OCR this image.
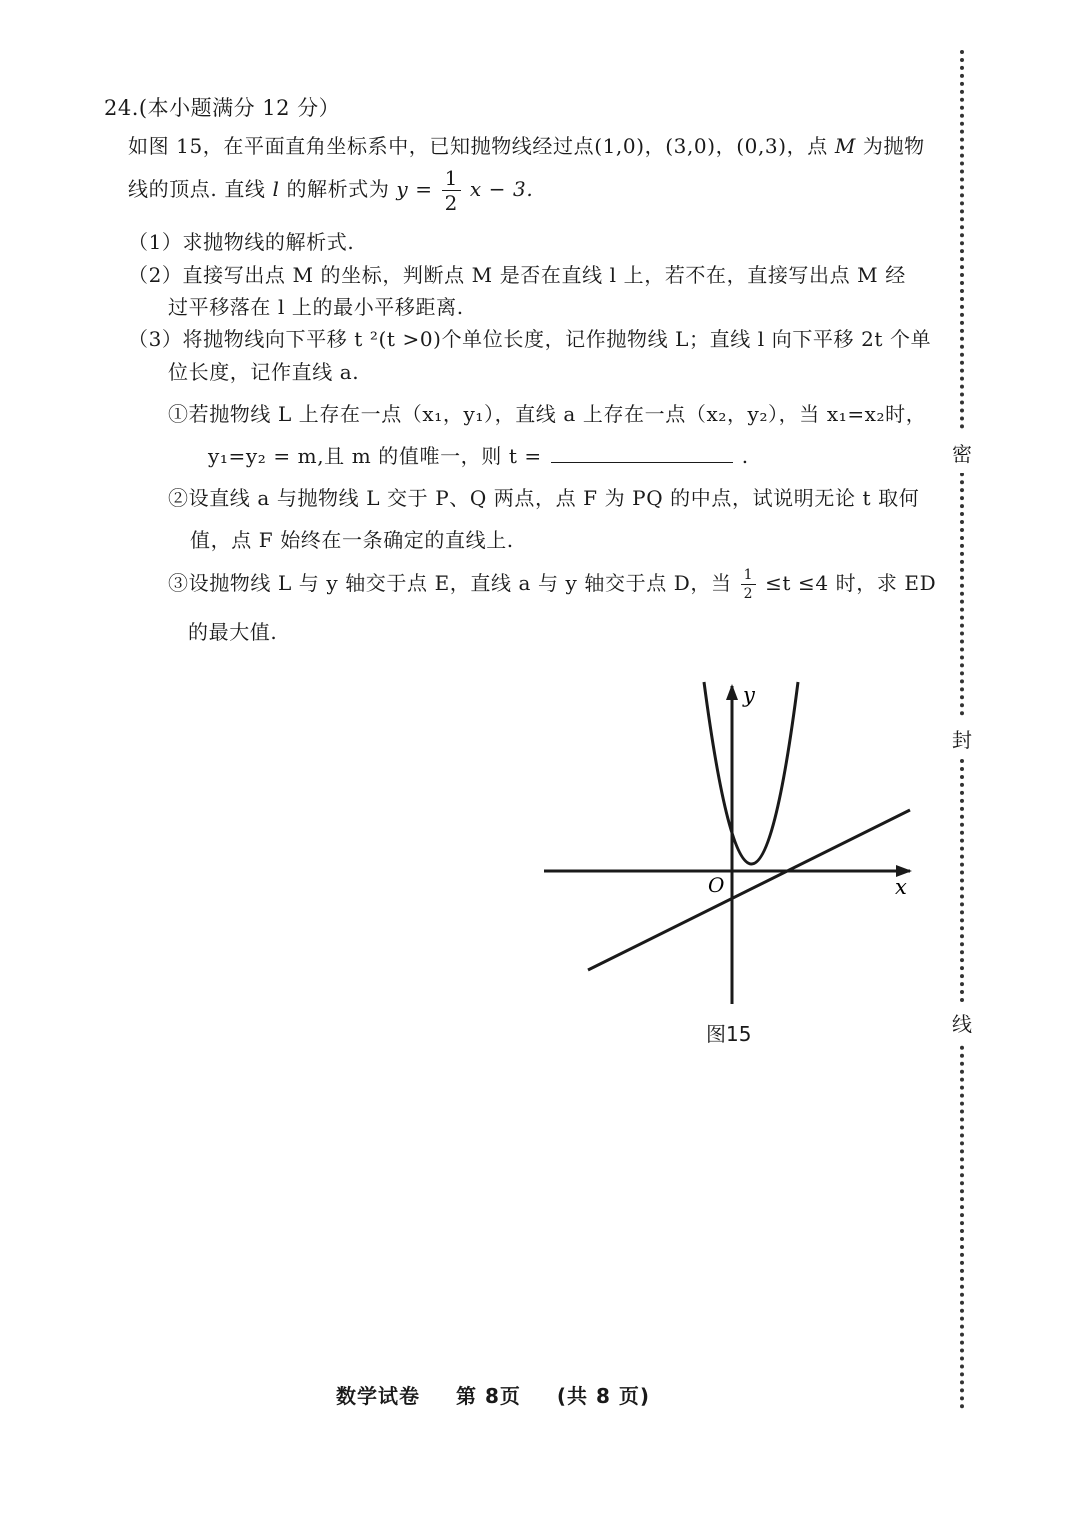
24.(本小题满分 12 分）
如图 15，在平面直角坐标系中，已知抛物线经过点(1,0)，(3,0)，(0,3)，点 M 为抛物
线的顶点. 直线 l 的解析式为 $y = \frac{1}{2}$ x − 3.
（1）求抛物线的解析式.
（2）直接写出点 M 的坐标，判断点 M 是否在直线 l 上，若不在，直接写出点 M 经
过平移落在 l 上的最小平移距离.
（3）将抛物线向下平移 t ²(t >0)个单位长度，记作抛物线 L；直线 l 向下平移 2t 个单
位长度，记作直线 a.
①若抛物线 L 上存在一点（x₁，y₁），直线 a 上存在一点（x₂，y₂），当 x₁=x₂时，
y₁=y₂ = m,且 m 的值唯一，则 t =	.
②设直线 a 与抛物线 L 交于 P、Q 两点，点 F 为 PQ 的中点，试说明无论 t 取何
值，点 F 始终在一条确定的直线上.
③设抛物线 L 与 y 轴交于点 E，直线 a 与 y 轴交于点 D，当 $\frac{1}{2} \le t \le 4$ 时，求 ED
的最大值.
y
x
O
图15
数学试卷 第 8页 (共 8 页)
密
封
线
